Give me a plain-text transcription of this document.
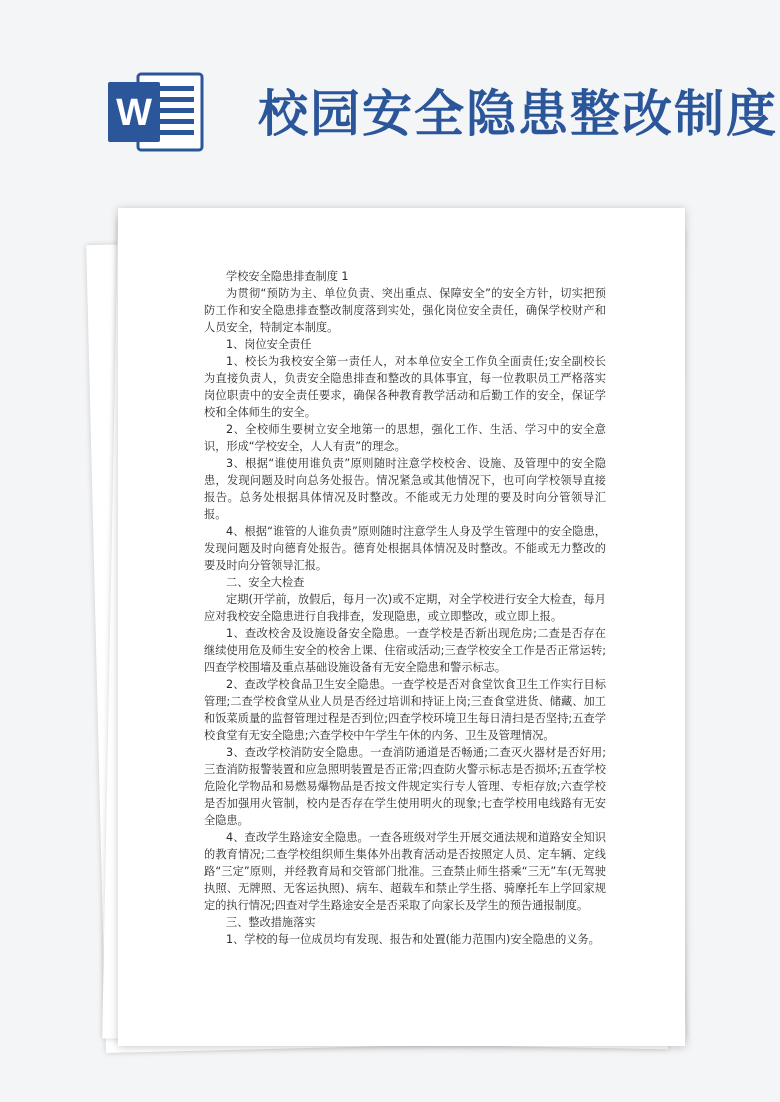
W 校园安全隐患整改制度

学校安全隐患排查制度 1

为贯彻“预防为主、单位负责、突出重点、保障安全”的安全方针，切实把预防工作和安全隐患排查整改制度落到实处，强化岗位安全责任，确保学校财产和人员安全，特制定本制度。

1、岗位安全责任

1、校长为我校安全第一责任人，对本单位安全工作负全面责任;安全副校长为直接负责人，负责安全隐患排查和整改的具体事宜，每一位教职员工严格落实岗位职责中的安全责任要求，确保各种教育教学活动和后勤工作的安全，保证学校和全体师生的安全。

2、全校师生要树立安全地第一的思想，强化工作、生活、学习中的安全意识，形成“学校安全，人人有责”的理念。

3、根据“谁使用谁负责”原则随时注意学校校舍、设施、及管理中的安全隐患，发现问题及时向总务处报告。情况紧急或其他情况下，也可向学校领导直接报告。总务处根据具体情况及时整改。不能或无力处理的要及时向分管领导汇报。

4、根据“谁管的人谁负责”原则随时注意学生人身及学生管理中的安全隐患，发现问题及时向德育处报告。德育处根据具体情况及时整改。不能或无力整改的要及时向分管领导汇报。

二、安全大检查

定期(开学前，放假后，每月一次)或不定期，对全学校进行安全大检查，每月应对我校安全隐患进行自我排查，发现隐患，或立即整改，或立即上报。

1、查改校舍及设施设备安全隐患。一查学校是否新出现危房;二查是否存在继续使用危及师生安全的校舍上课、住宿或活动;三查学校安全工作是否正常运转;四查学校围墙及重点基础设施设备有无安全隐患和警示标志。

2、查改学校食品卫生安全隐患。一查学校是否对食堂饮食卫生工作实行目标管理;二查学校食堂从业人员是否经过培训和持证上岗;三查食堂进货、储藏、加工和饭菜质量的监督管理过程是否到位;四查学校环境卫生每日清扫是否坚持;五查学校食堂有无安全隐患;六查学校中午学生午休的内务、卫生及管理情况。

3、查改学校消防安全隐患。一查消防通道是否畅通;二查灭火器材是否好用;三查消防报警装置和应急照明装置是否正常;四查防火警示标志是否损坏;五查学校危险化学物品和易燃易爆物品是否按文件规定实行专人管理、专柜存放;六查学校是否加强用火管制，校内是否存在学生使用明火的现象;七查学校用电线路有无安全隐患。

4、查改学生路途安全隐患。一查各班级对学生开展交通法规和道路安全知识的教育情况;二查学校组织师生集体外出教育活动是否按照定人员、定车辆、定线路“三定”原则，并经教育局和交管部门批准。三查禁止师生搭乘“三无”车(无驾驶执照、无牌照、无客运执照)、病车、超载车和禁止学生搭、骑摩托车上学回家规定的执行情况;四查对学生路途安全是否采取了向家长及学生的预告通报制度。

三、整改措施落实

1、学校的每一位成员均有发现、报告和处置(能力范围内)安全隐患的义务。
